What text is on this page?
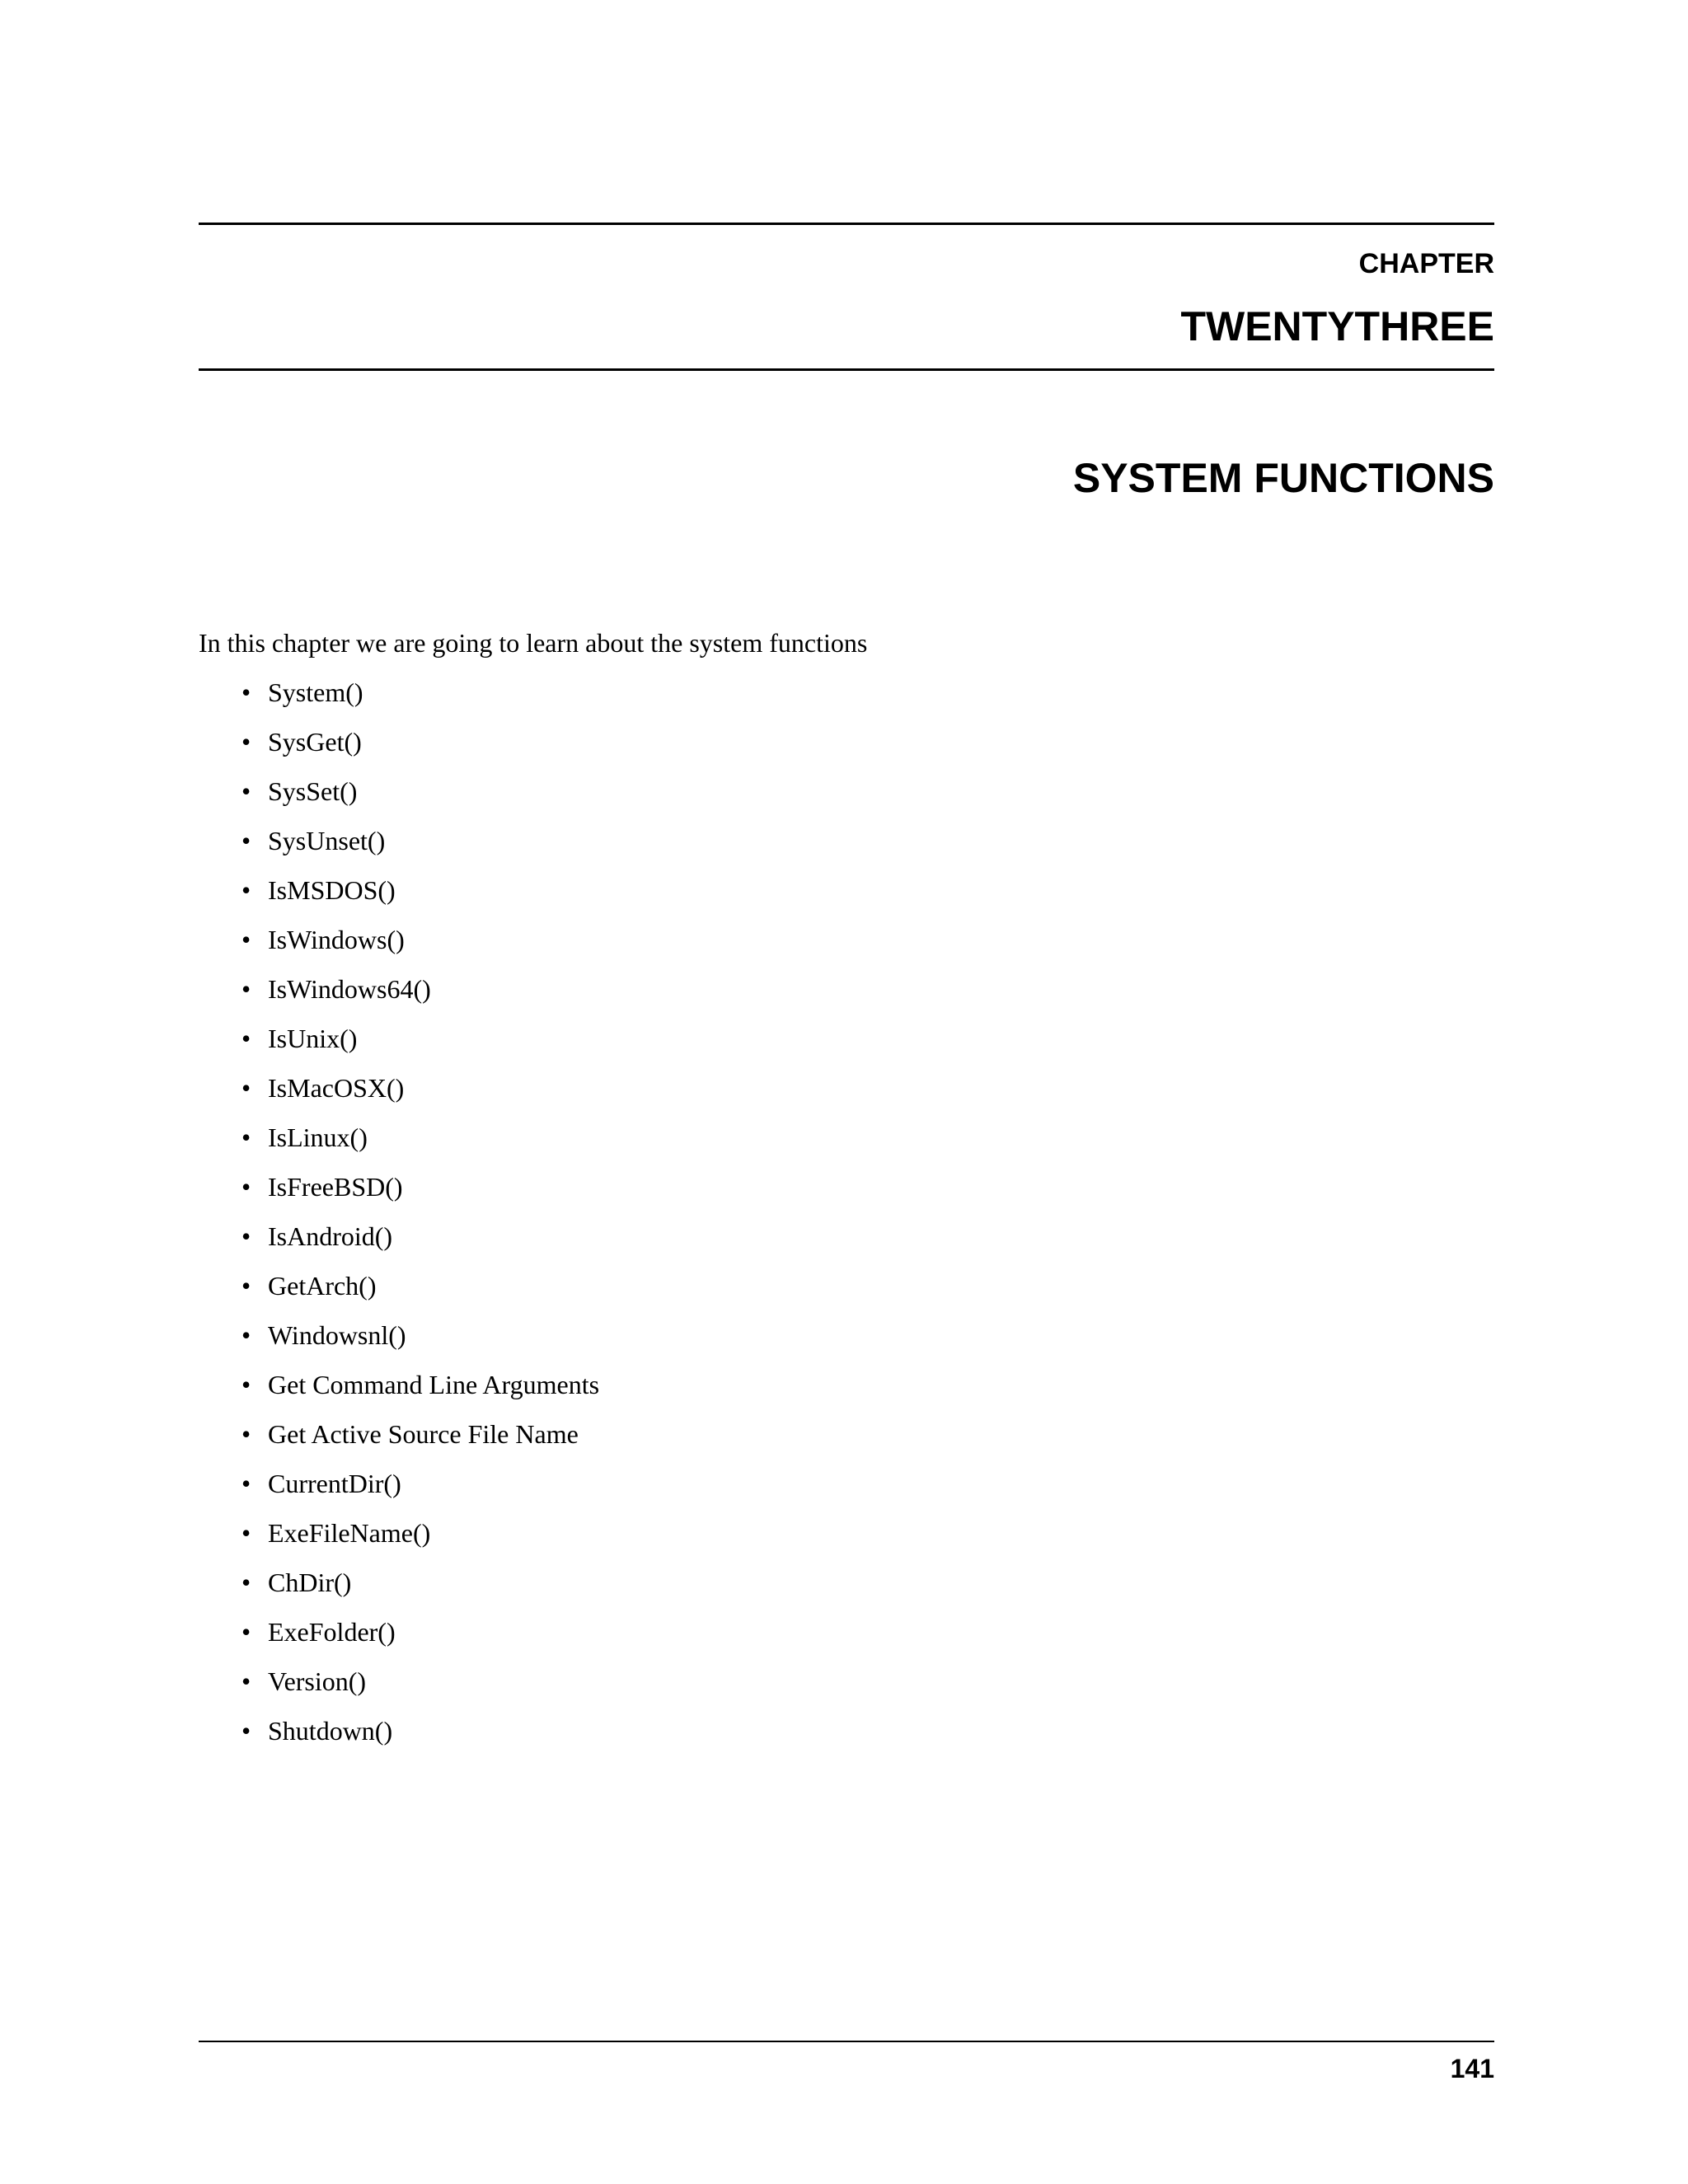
CHAPTER
TWENTYTHREE
SYSTEM FUNCTIONS
In this chapter we are going to learn about the system functions
• System()
• SysGet()
• SysSet()
• SysUnset()
• IsMSDOS()
• IsWindows()
• IsWindows64()
• IsUnix()
• IsMacOSX()
• IsLinux()
• IsFreeBSD()
• IsAndroid()
• GetArch()
• Windowsnl()
• Get Command Line Arguments
• Get Active Source File Name
• CurrentDir()
• ExeFileName()
• ChDir()
• ExeFolder()
• Version()
• Shutdown()
141
